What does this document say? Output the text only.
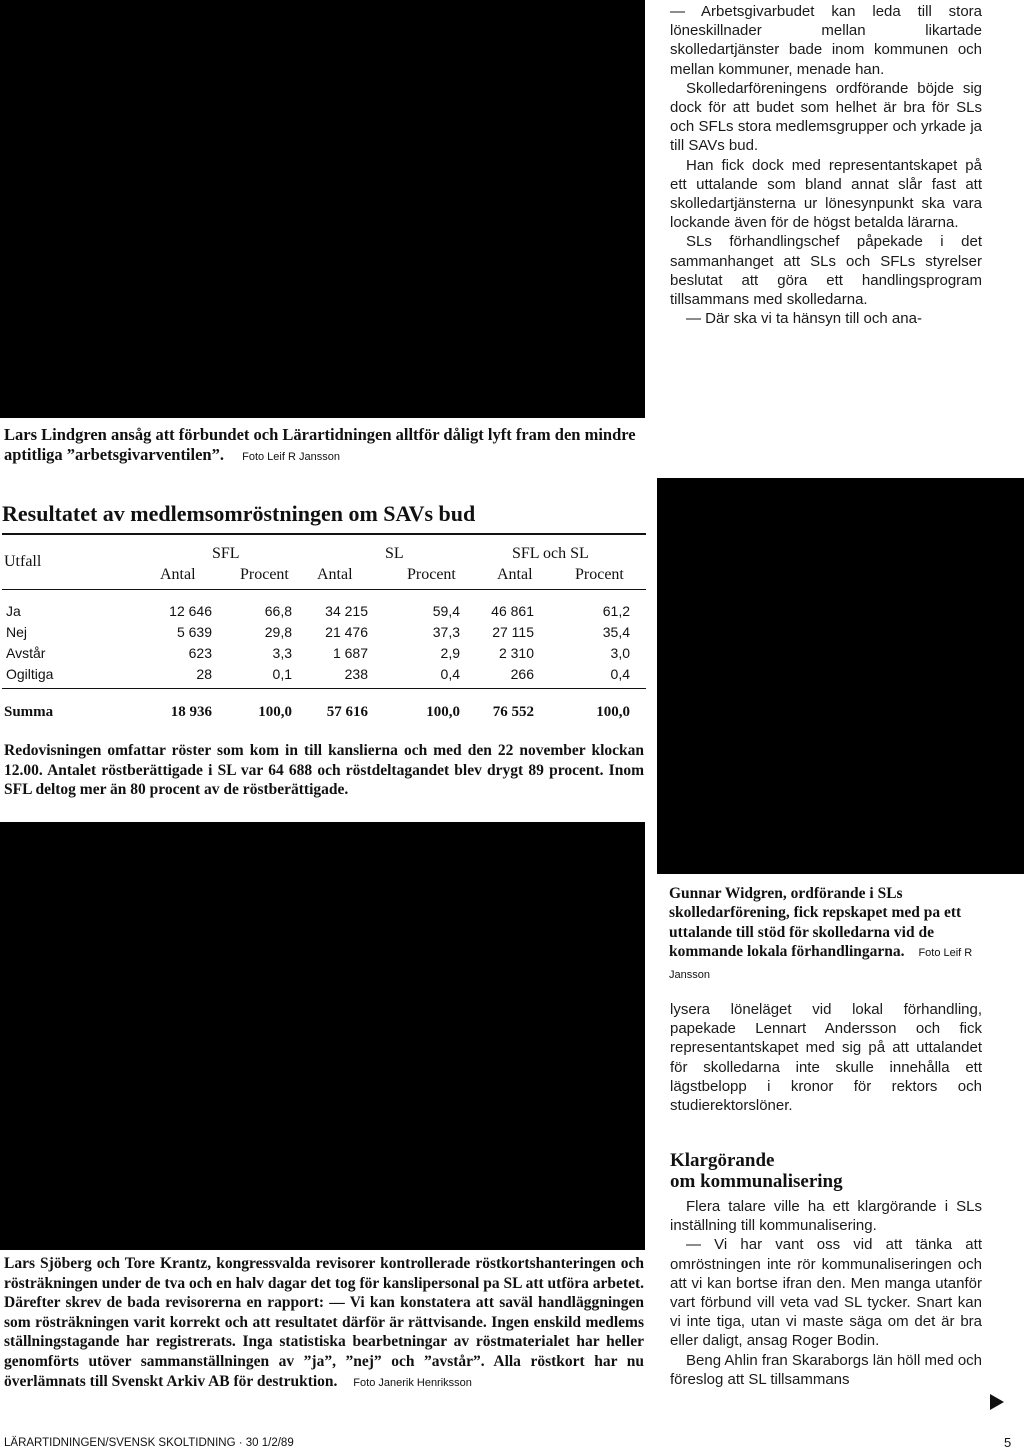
Lars Lindgren ansåg att förbundet och Lärartidningen alltför dåligt lyft fram den mindre aptitliga ”arbetsgivarventilen”. Foto Leif R Jansson

— Arbetsgivarbudet kan leda till stora löneskillnader mellan likartade skolledartjänster bade inom kommunen och mellan kommuner, menade han.

Skolledarföreningens ordförande böjde sig dock för att budet som helhet är bra för SLs och SFLs stora medlemsgrupper och yrkade ja till SAVs bud.

Han fick dock med representantskapet på ett uttalande som bland annat slår fast att skolledartjänsterna ur lönesynpunkt ska vara lockande även för de högst betalda lärarna.

SLs förhandlingschef påpekade i det sammanhanget att SLs och SFLs styrelser beslutat att göra ett handlingsprogram tillsammans med skolledarna.

— Där ska vi ta hänsyn till och ana-

Resultatet av medlemsomröstningen om SAVs bud
Utfall	SFL	SL	SFL och SL
Antal	Procent Antal	Procent	Antal	Procent
Ja	12 646	66,8	34 215	59,4	46 861	61,2
Nej	5 639	29,8	21 476	37,3	27 115	35,4
Avstår	623	3,3	1 687	2,9	2 310	3,0
Ogiltiga	28	0,1	238	0,4	266	0,4
Summa	18 936	100,0	57 616	100,0	76 552	100,0
Redovisningen omfattar röster som kom in till kanslierna och med den 22 november klockan 12.00. Antalet röstberättigade i SL var 64 688 och röstdeltagandet blev drygt 89 procent. Inom SFL deltog mer än 80 procent av de röstberättigade.
Lars Sjöberg och Tore Krantz, kongressvalda revisorer kontrollerade röstkortshanteringen och rösträkningen under de tva och en halv dagar det tog för kanslipersonal pa SL att utföra arbetet. Därefter skrev de bada revisorerna en rapport: — Vi kan konstatera att saväl handläggningen som rösträkningen varit korrekt och att resultatet därför är rättvisande. Ingen enskild medlems ställningstagande har registrerats. Inga statistiska bearbetningar av röstmaterialet har heller genomförts utöver sammanställningen av ”ja”, ”nej” och ”avstår”. Alla röstkort har nu överlämnats till Svenskt Arkiv AB för destruktion. Foto Janerik Henriksson
Gunnar Widgren, ordförande i SLs skolledarförening, fick repskapet med pa ett uttalande till stöd för skolledarna vid de kommande lokala förhandlingarna. Foto Leif R Jansson

lysera löneläget vid lokal förhandling, papekade Lennart Andersson och fick representantskapet med sig på att uttalandet för skolledarna inte skulle innehålla ett lägstbelopp i kronor för rektors och studierektorslöner.

Klargörande
om kommunalisering

Flera talare ville ha ett klargörande i SLs inställning till kommunalisering.

— Vi har vant oss vid att tänka att omröstningen inte rör kommunaliseringen och att vi kan bortse ifran den. Men manga utanför vart förbund vill veta vad SL tycker. Snart kan vi inte tiga, utan vi maste säga om det är bra eller daligt, ansag Roger Bodin.

Beng Ahlin fran Skaraborgs län höll med och föreslog att SL tillsammans

LÄRARTIDNINGEN/SVENSK SKOLTIDNING · 30 1/2/89	5
